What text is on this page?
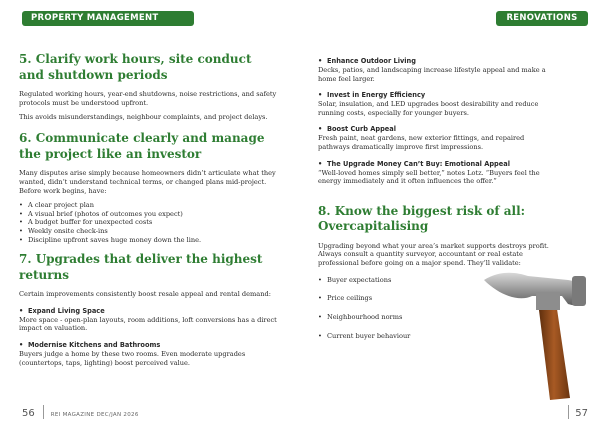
PROPERTY MANAGEMENT
5. Clarify work hours, site conduct and shutdown periods

Regulated working hours, year-end shutdowns, noise restrictions, and safety protocols must be understood upfront.

This avoids misunderstandings, neighbour complaints, and project delays.

6. Communicate clearly and manage the project like an investor

Many disputes arise simply because homeowners didn’t articulate what they wanted, didn’t understand technical terms, or changed plans mid-project. Before work begins, have:

• A clear project plan
• A visual brief (photos of outcomes you expect)
• A budget buffer for unexpected costs
• Weekly onsite check-ins
• Discipline upfront saves huge money down the line.
7. Upgrades that deliver the highest returns

Certain improvements consistently boost resale appeal and rental demand:

• Expand Living Space

More space - open-plan layouts, room additions, loft conversions has a direct impact on valuation.

• Modernise Kitchens and Bathrooms

Buyers judge a home by these two rooms. Even moderate upgrades (countertops, taps, lighting) boost perceived value.

56	REI MAGAZINE DEC/JAN 2026
RENOVATIONS
• Enhance Outdoor Living

Decks, patios, and landscaping increase lifestyle appeal and make a home feel larger.

• Invest in Energy Efficiency

Solar, insulation, and LED upgrades boost desirability and reduce running costs, especially for younger buyers.

• Boost Curb Appeal

Fresh paint, neat gardens, new exterior fittings, and repaired pathways dramatically improve first impressions.

• The Upgrade Money Can’t Buy: Emotional Appeal

“Well-loved homes simply sell better,” notes Lotz. “Buyers feel the energy immediately and it often influences the offer.”

8. Know the biggest risk of all: Overcapitalising

Upgrading beyond what your area’s market supports destroys profit. Always consult a quantity surveyor, accountant or real estate professional before going on a major spend. They’ll validate:

• Buyer expectations
• Price ceilings
• Neighbourhood norms
• Current buyer behaviour
57
